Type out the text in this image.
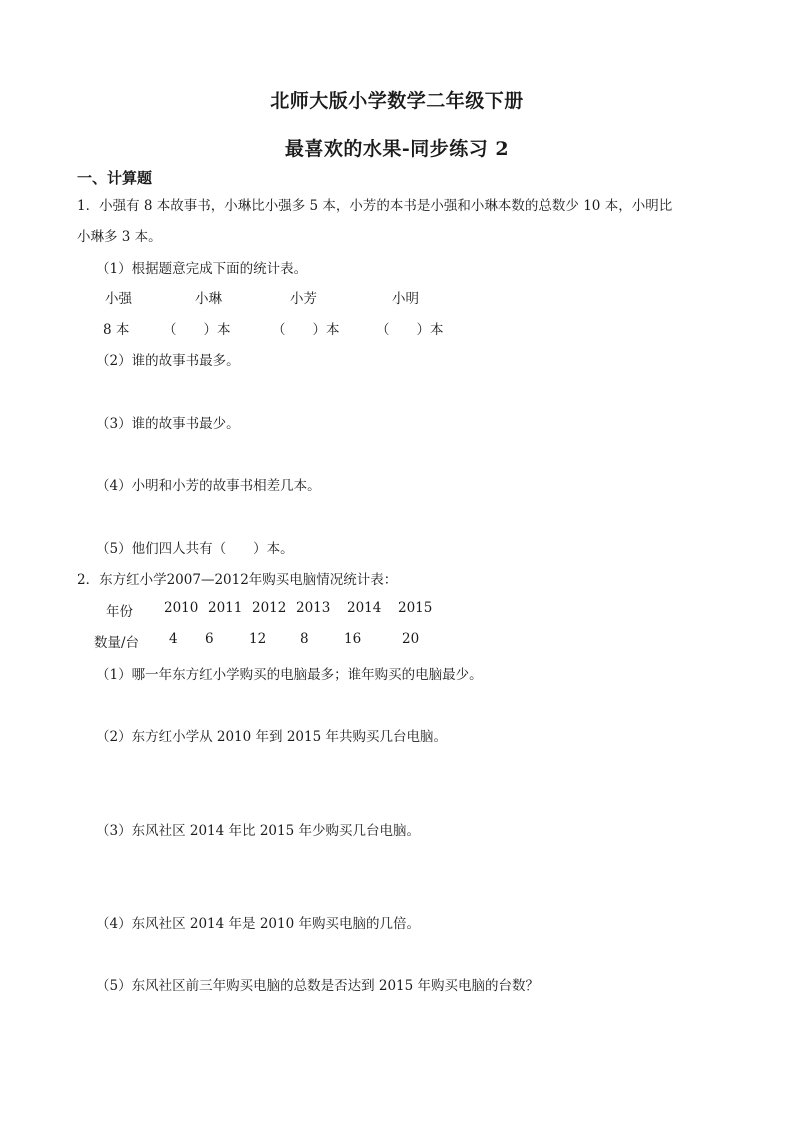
北师大版小学数学二年级下册
最喜欢的水果-同步练习 2
一、计算题
1．小强有 8 本故事书，小琳比小强多 5 本，小芳的本书是小强和小琳本数的总数少 10 本，小明比
小琳多 3 本。
（1）根据题意完成下面的统计表。
小强	小琳	小芳	小明
8 本 （　　）本	（　　）本	（　　）本
（2）谁的故事书最多。
（3）谁的故事书最少。
（4）小明和小芳的故事书相差几本。
（5）他们四人共有（　　）本。
2．东方红小学2007—2012年购买电脑情况统计表：
年份 2010 2011 2012 2013 2014 2015
数量/台 4 6	12	8	16	20
（1）哪一年东方红小学购买的电脑最多；谁年购买的电脑最少。
（2）东方红小学从 2010 年到 2015 年共购买几台电脑。
（3）东风社区 2014 年比 2015 年少购买几台电脑。
（4）东风社区 2014 年是 2010 年购买电脑的几倍。
（5）东风社区前三年购买电脑的总数是否达到 2015 年购买电脑的台数？
